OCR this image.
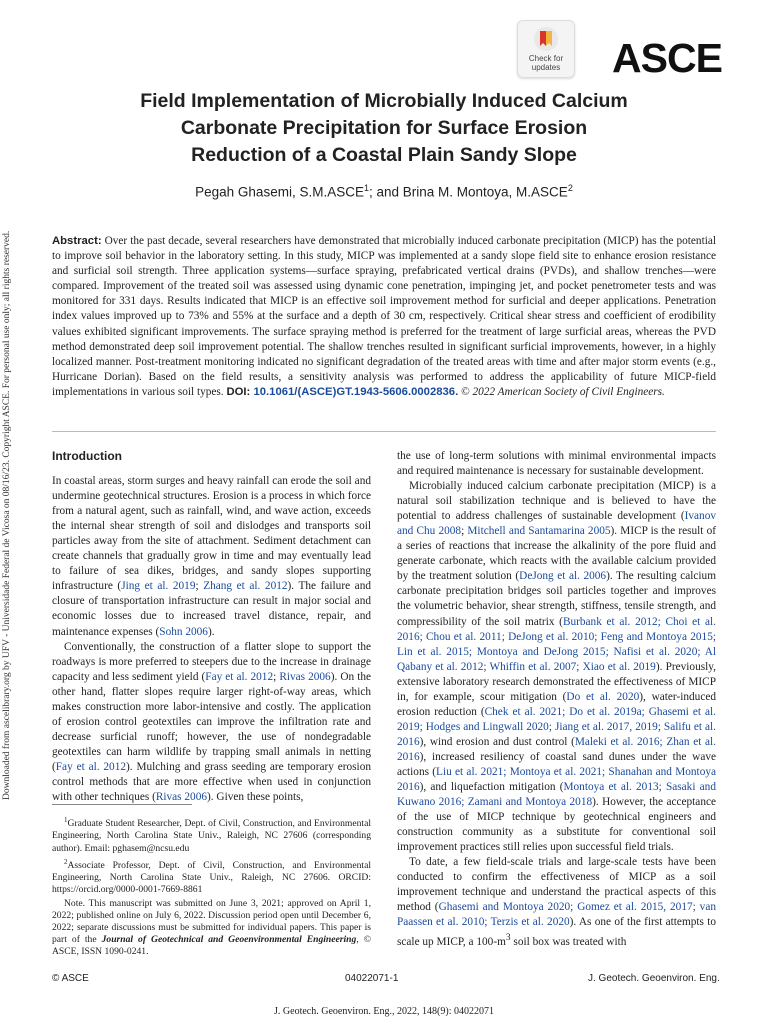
Downloaded from ascelibrary.org by UFV - Universidade Federal de Vicosa on 08/16/23. Copyright ASCE. For personal use only; all rights reserved.
Check for
updates ASCE
Field Implementation of Microbially Induced Calcium
Carbonate Precipitation for Surface Erosion
Reduction of a Coastal Plain Sandy Slope
Pegah Ghasemi, S.M.ASCE$^1$; and Brina M. Montoya, M.ASCE$^2$
Abstract: Over the past decade, several researchers have demonstrated that microbially induced carbonate precipitation (MICP) has the potential to improve soil behavior in the laboratory setting. In this study, MICP was implemented at a sandy slope field site to enhance erosion resistance and surficial soil strength. Three application systems—surface spraying, prefabricated vertical drains (PVDs), and shallow trenches—were compared. Improvement of the treated soil was assessed using dynamic cone penetration, impinging jet, and pocket penetrometer tests and was monitored for 331 days. Results indicated that MICP is an effective soil improvement method for surficial and deeper applications. Penetration index values improved up to 73% and 55% at the surface and a depth of 30 cm, respectively. Critical shear stress and coefficient of erodibility values exhibited significant improvements. The surface spraying method is preferred for the treatment of large surficial areas, whereas the PVD method demonstrated deep soil improvement potential. The shallow trenches resulted in significant surficial improvements, however, in a highly localized manner. Post-treatment monitoring indicated no significant degradation of the treated areas with time and after major storm events (e.g., Hurricane Dorian). Based on the field results, a sensitivity analysis was performed to address the applicability of future MICP-field implementations in various soil types. DOI: 10.1061/(ASCE)GT.1943-5606.0002836. © 2022 American Society of Civil Engineers.
Introduction

In coastal areas, storm surges and heavy rainfall can erode the soil and undermine geotechnical structures. Erosion is a process in which force from a natural agent, such as rainfall, wind, and wave action, exceeds the internal shear strength of soil and dislodges and transports soil particles away from the site of attachment. Sediment detachment can create channels that gradually grow in time and may eventually lead to failure of sea dikes, bridges, and sandy slopes supporting infrastructure (Jing et al. 2019; Zhang et al. 2012). The failure and closure of transportation infrastructure can result in major social and economic losses due to increased travel distance, repair, and maintenance expenses (Sohn 2006).

Conventionally, the construction of a flatter slope to support the roadways is more preferred to steepers due to the increase in drainage capacity and less sediment yield (Fay et al. 2012; Rivas 2006). On the other hand, flatter slopes require larger right-of-way areas, which makes construction more labor-intensive and costly. The application of erosion control geotextiles can improve the infiltration rate and decrease surficial runoff; however, the use of nondegradable geotextiles can harm wildlife by trapping small animals in netting (Fay et al. 2012). Mulching and grass seeding are temporary erosion control methods that are more effective when used in conjunction with other techniques (Rivas 2006). Given these points,

$^1$Graduate Student Researcher, Dept. of Civil, Construction, and Environmental Engineering, North Carolina State Univ., Raleigh, NC 27606 (corresponding author). Email: pghasem@ncsu.edu

$^2$Associate Professor, Dept. of Civil, Construction, and Environmental Engineering, North Carolina State Univ., Raleigh, NC 27606. ORCID: https://orcid.org/0000-0001-7669-8861

Note. This manuscript was submitted on June 3, 2021; approved on April 1, 2022; published online on July 6, 2022. Discussion period open until December 6, 2022; separate discussions must be submitted for individual papers. This paper is part of the Journal of Geotechnical and Geoenvironmental Engineering, © ASCE, ISSN 1090-0241.

the use of long-term solutions with minimal environmental impacts and required maintenance is necessary for sustainable development.

Microbially induced calcium carbonate precipitation (MICP) is a natural soil stabilization technique and is believed to have the potential to address challenges of sustainable development (Ivanov and Chu 2008; Mitchell and Santamarina 2005). MICP is the result of a series of reactions that increase the alkalinity of the pore fluid and generate carbonate, which reacts with the available calcium provided by the treatment solution (DeJong et al. 2006). The resulting calcium carbonate precipitation bridges soil particles together and improves the volumetric behavior, shear strength, stiffness, tensile strength, and compressibility of the soil matrix (Burbank et al. 2012; Choi et al. 2016; Chou et al. 2011; DeJong et al. 2010; Feng and Montoya 2015; Lin et al. 2015; Montoya and DeJong 2015; Nafisi et al. 2020; Al Qabany et al. 2012; Whiffin et al. 2007; Xiao et al. 2019). Previously, extensive laboratory research demonstrated the effectiveness of MICP in, for example, scour mitigation (Do et al. 2020), water-induced erosion reduction (Chek et al. 2021; Do et al. 2019a; Ghasemi et al. 2019; Hodges and Lingwall 2020; Jiang et al. 2017, 2019; Salifu et al. 2016), wind erosion and dust control (Maleki et al. 2016; Zhan et al. 2016), increased resiliency of coastal sand dunes under the wave actions (Liu et al. 2021; Montoya et al. 2021; Shanahan and Montoya 2016), and liquefaction mitigation (Montoya et al. 2013; Sasaki and Kuwano 2016; Zamani and Montoya 2018). However, the acceptance of the use of MICP technique by geotechnical engineers and construction community as a substitute for conventional soil improvement practices still relies upon successful field trials.

To date, a few field-scale trials and large-scale tests have been conducted to confirm the effectiveness of MICP as a soil improvement technique and understand the practical aspects of this method (Ghasemi and Montoya 2020; Gomez et al. 2015, 2017; van Paassen et al. 2010; Terzis et al. 2020). As one of the first attempts to scale up MICP, a $100-m^3$ soil box was treated with

© ASCE	04022071-1	J. Geotech. Geoenviron. Eng.
J. Geotech. Geoenviron. Eng., 2022, 148(9): 04022071
